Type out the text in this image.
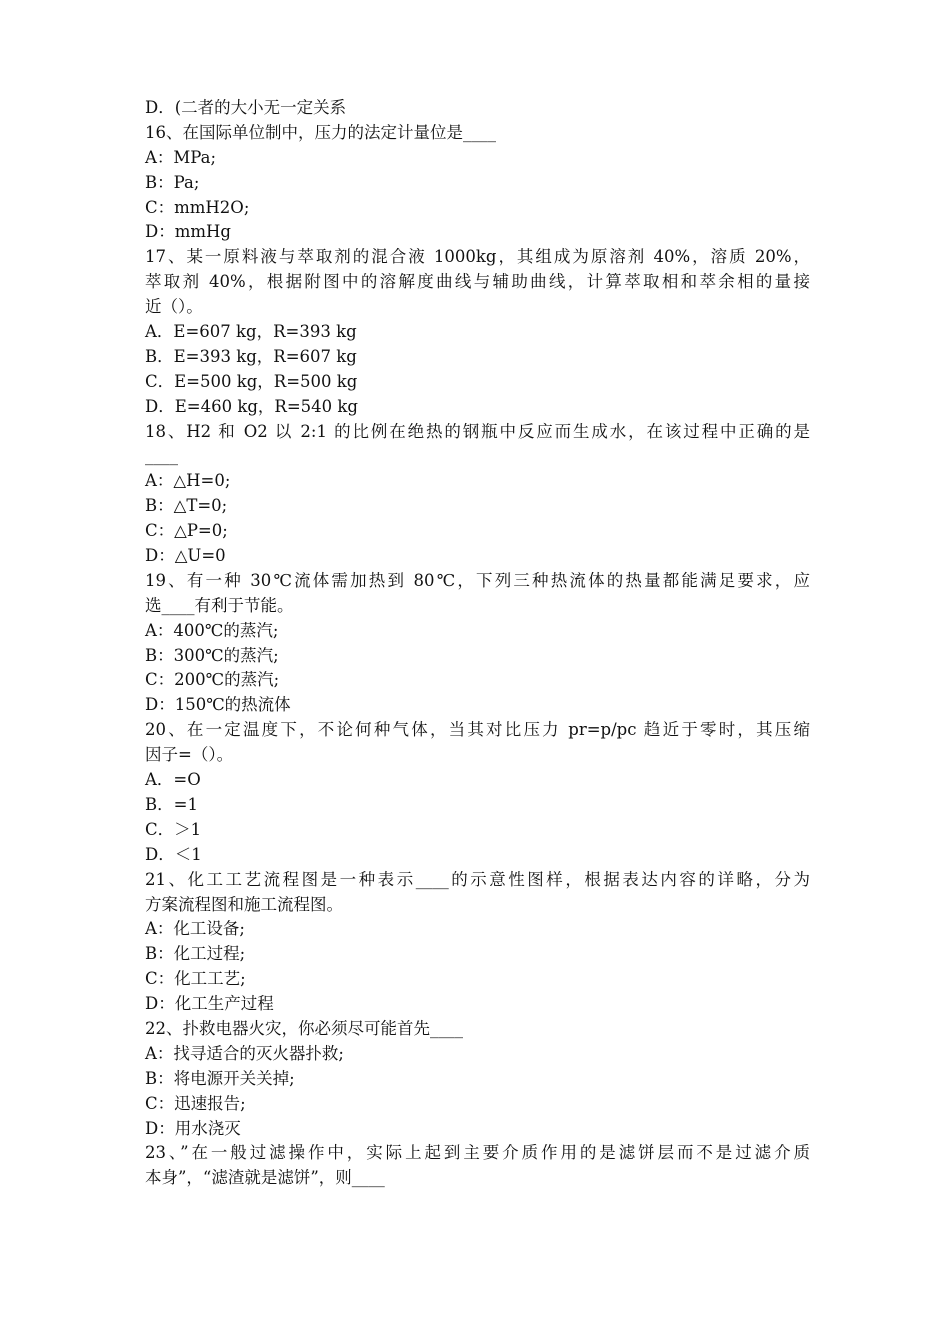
D．(二者的大小无一定关系
16、在国际单位制中，压力的法定计量位是____
A：MPa;
B：Pa;
C：mmH2O;
D：mmHg
17、某一原料液与萃取剂的混合液 1000kg，其组成为原溶剂 40%，溶质 20%，
萃取剂 40%，根据附图中的溶解度曲线与辅助曲线，计算萃取相和萃余相的量接
近（）。
A．E=607 kg，R=393 kg
B．E=393 kg，R=607 kg
C．E=500 kg，R=500 kg
D．E=460 kg，R=540 kg
18、H2 和 O2 以 2:1 的比例在绝热的钢瓶中反应而生成水，在该过程中正确的是
____
A：△H=0;
B：△T=0;
C：△P=0;
D：△U=0
19、有一种 30℃流体需加热到 80℃，下列三种热流体的热量都能满足要求，应
选____有利于节能。
A：400℃的蒸汽;
B：300℃的蒸汽;
C：200℃的蒸汽;
D：150℃的热流体
20、在一定温度下，不论何种气体，当其对比压力 pr=p/pc 趋近于零时，其压缩
因子=（）。
A．=O
B．=1
C．＞1
D．＜1
21、化工工艺流程图是一种表示____的示意性图样，根据表达内容的详略，分为
方案流程图和施工流程图。
A：化工设备;
B：化工过程;
C：化工工艺;
D：化工生产过程
22、扑救电器火灾，你必须尽可能首先____
A：找寻适合的灭火器扑救;
B：将电源开关关掉;
C：迅速报告;
D：用水浇灭
23、”在一般过滤操作中，实际上起到主要介质作用的是滤饼层而不是过滤介质
本身”，“滤渣就是滤饼”，则____
